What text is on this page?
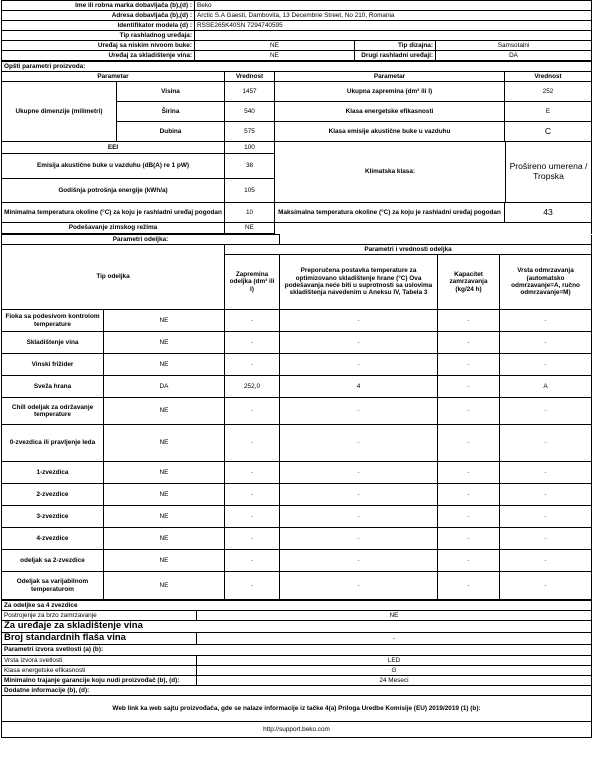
Ime ili robna marka dobavljača (b),(d) :	Beko		
Adresa dobavljača (b),(d) :	Arctic S.A Gaesti, Dambovita, 13 Decembrie Street, No 210, Romania		
Identifikator modela (d) :	RSSE265K40SN 7294740595		
Tip rashladnog uređaja:			
Uređaj sa niskim nivoom buke:	NE	Tip dizajna:	Samsotalni
Uređaj za skladištenje vina:	NE	Drugi rashladni uređaji:	DA
Opšti parametri proizvoda:				
Parametar		Vrednost	Parametar	Vrednost
Ukupne dimenzije (milimetri)	Visina	1457	Ukupna zapremina (dm³ ili l)	252
	Širina	540	Klasa energetske efikasnosti	E
	Dubina	575	Klasa emisije akustične buke u vazduhu	C
EEI		100	Klimatska klasa:
Prošireno umerena / Tropska	

Emisija akustične buke u vazduhu (dB(A) re 1 pW)		38		
Godišnja potrošnja energije (kWh/a)		105		
Minimalna temperatura okoline (°C) za koju je rashladni uređaj pogodan		10	Maksimalna temperatura okoline (°C) za koju je rashladni uređaj pogodan	43
Podešavanje zimskog režima		NE		
Parametri odeljka:					
Tip odeljka		Parametri i vrednosti odeljka			
		Zapremina odeljka (dm³ ili l)	Preporučena postavka temperature za optimizovano skladištenje hrane (°C) Ova podešavanja neće biti u suprotnosti sa uslovima skladištenja navedenim u Aneksu IV, Tabela 3	Kapacitet zamrzavanja (kg/24 h)	Vrsta odmrzavanja (automatsko odmrzavanje=A, ručno odmrzavanje=M)
Fioka sa podesivom kontrolom temperature	NE	-	-	-	-
Skladištenje vina	NE	-	-	-	-
Vinski frižider	NE	-	-	-	-
Sveža hrana	DA	252,0	4	-	A
Chill odeljak za održavanje temperature	NE	-	-	-	-
0-zvezdica ili pravljenje leda	NE	-	-	-	-
1-zvezdica	NE	-	-	-	-
2-zvezdice	NE	-	-	-	-
3-zvezdice	NE	-	-	-	-
4-zvezdice	NE	-	-	-	-
odeljak sa 2-zvezdice	NE	-	-	-	-
Odeljak sa varijabilnom temperaturom	NE	-	-	-	-
Za odeljke sa 4 zvezdice	
Postrojenje za brzo zamrzavanje	NE
Za uređaje za skladištenje vina	
Broj standardnih flaša vina	-
Parametri izvora svetlosti (a) (b):	
Vrsta izvora svetlosti	LED
Klasa energetske efikasnosti	G
Minimalno trajanje garancije koju nudi proizvođač (b), (d):	24 Meseci
Dodatne informacije (b), (d):	
Web link ka web sajtu proizvođača, gde se nalaze informacije iz tačke 4(a) Priloga Uredbe Komisije (EU) 2019/2019 (1) (b):	
http://support.beko.com	
